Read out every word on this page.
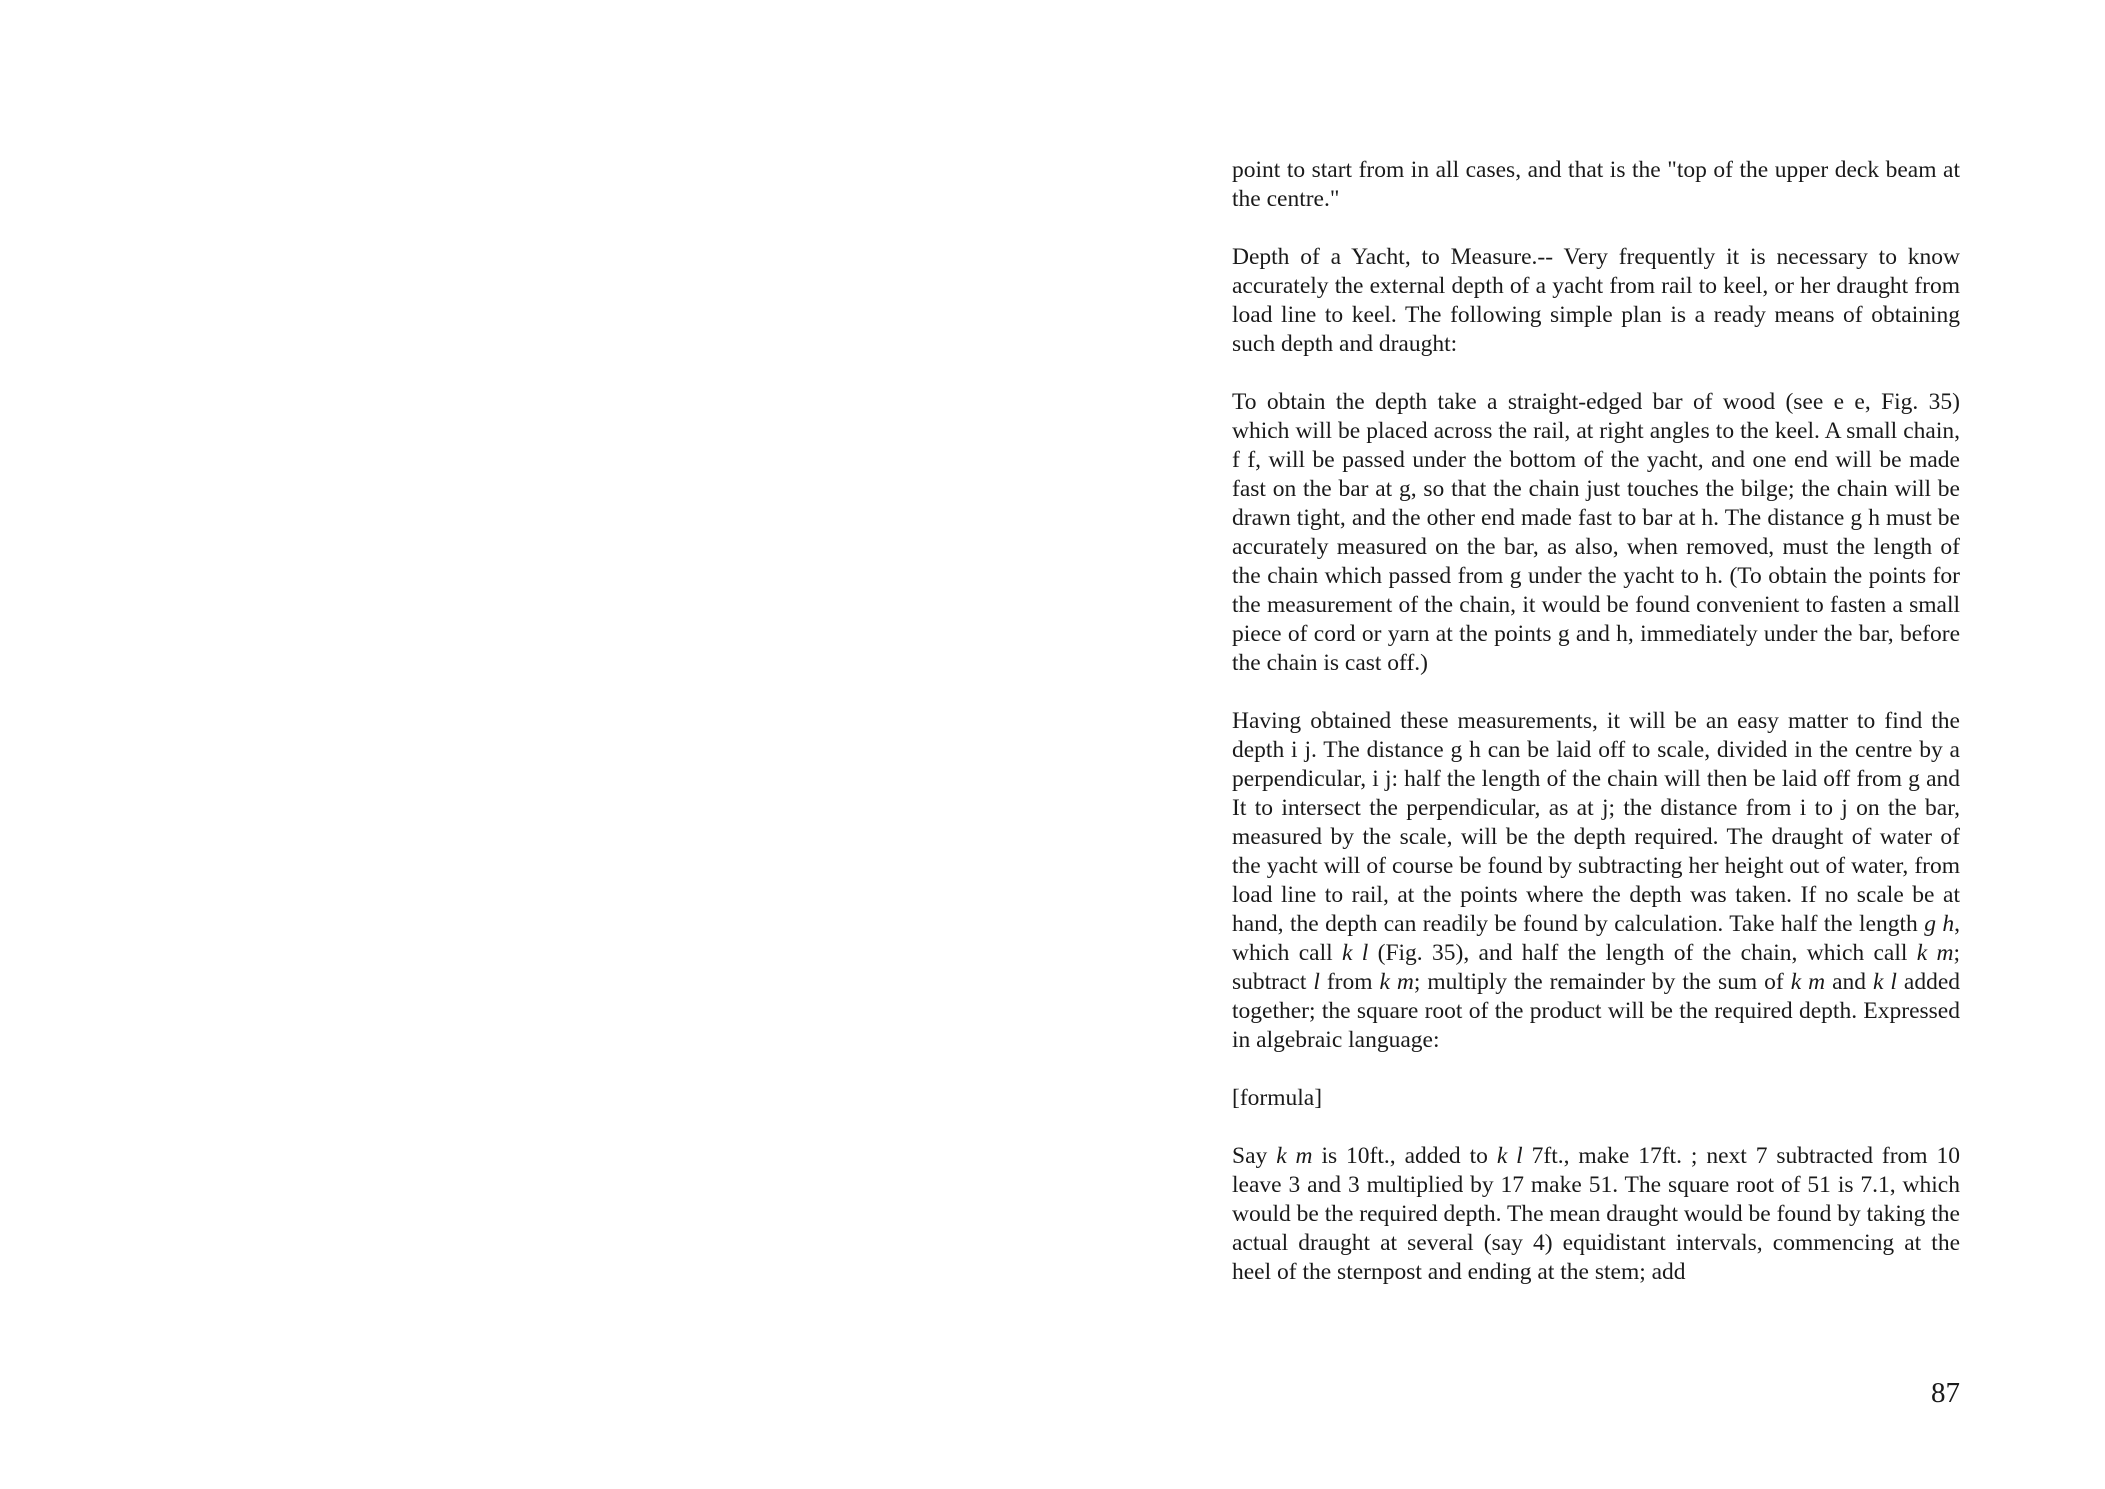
point to start from in all cases, and that is the "top of the upper deck beam at the centre."

Depth of a Yacht, to Measure.-- Very frequently it is necessary to know accurately the external depth of a yacht from rail to keel, or her draught from load line to keel. The following simple plan is a ready means of obtaining such depth and draught:

To obtain the depth take a straight-edged bar of wood (see e e, Fig. 35) which will be placed across the rail, at right angles to the keel. A small chain, f f, will be passed under the bottom of the yacht, and one end will be made fast on the bar at g, so that the chain just touches the bilge; the chain will be drawn tight, and the other end made fast to bar at h. The distance g h must be accurately measured on the bar, as also, when removed, must the length of the chain which passed from g under the yacht to h. (To obtain the points for the measurement of the chain, it would be found convenient to fasten a small piece of cord or yarn at the points g and h, immediately under the bar, before the chain is cast off.)

Having obtained these measurements, it will be an easy matter to find the depth i j. The distance g h can be laid off to scale, divided in the centre by a perpendicular, i j: half the length of the chain will then be laid off from g and It to intersect the perpendicular, as at j; the distance from i to j on the bar, measured by the scale, will be the depth required. The draught of water of the yacht will of course be found by subtracting her height out of water, from load line to rail, at the points where the depth was taken. If no scale be at hand, the depth can readily be found by calculation. Take half the length g h, which call k l (Fig. 35), and half the length of the chain, which call k m; subtract l from k m; multiply the remainder by the sum of k m and k l added together; the square root of the product will be the required depth. Expressed in algebraic language:

[formula]

Say k m is 10ft., added to k l 7ft., make 17ft. ; next 7 subtracted from 10 leave 3 and 3 multiplied by 17 make 51. The square root of 51 is 7.1, which would be the required depth. The mean draught would be found by taking the actual draught at several (say 4) equidistant intervals, commencing at the heel of the sternpost and ending at the stem; add

87
